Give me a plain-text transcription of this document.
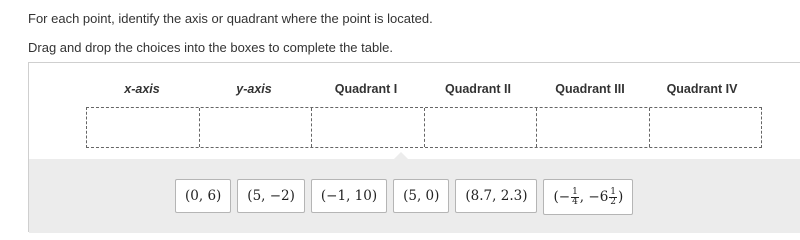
For each point, identify the axis or quadrant where the point is located.
Drag and drop the choices into the boxes to complete the table.
x-axis	y-axis	Quadrant I	Quadrant II	Quadrant III	Quadrant IV
(0, 6)	(5, −2)	(−1, 10)	(5, 0)	(8.7, 2.3)	(− $\frac{1}{4}$ , $-6 \frac{1}{2}$ )
